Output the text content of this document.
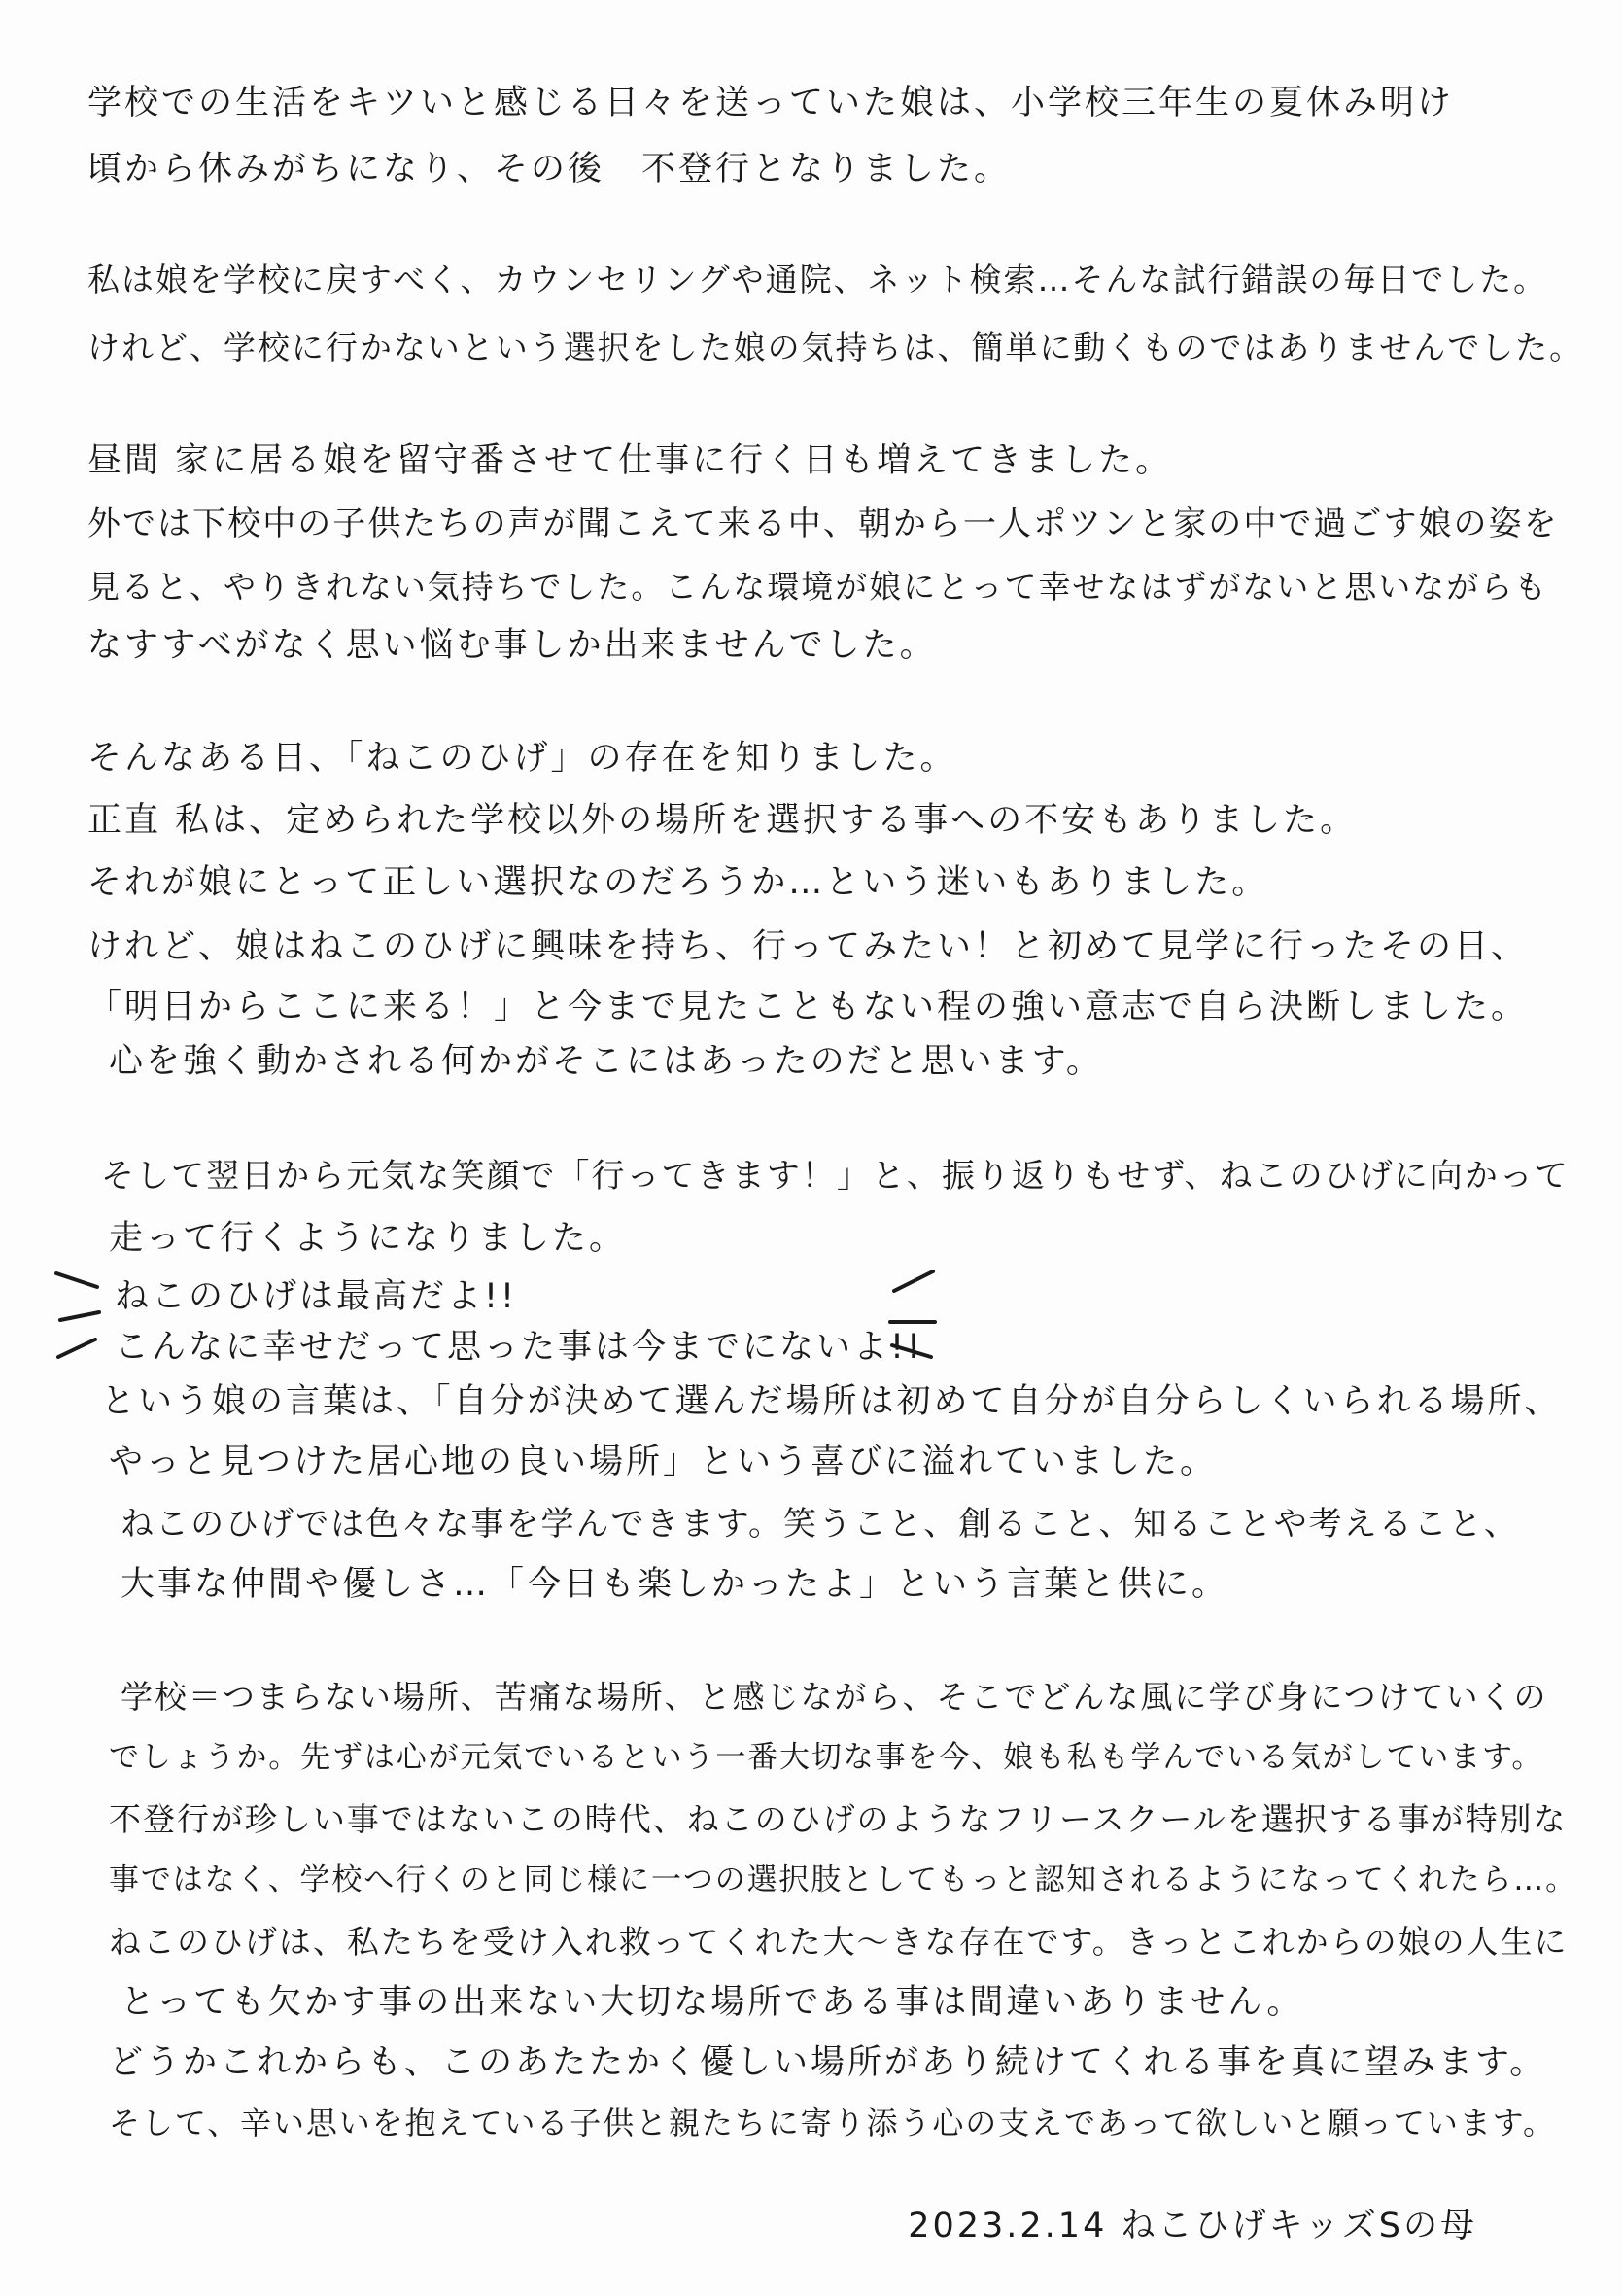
学校での生活をキツいと感じる日々を送っていた娘は、小学校三年生の夏休み明け
頃から休みがちになり、その後　不登行となりました。
私は娘を学校に戻すべく、カウンセリングや通院、ネット検索…そんな試行錯誤の毎日でした。
けれど、学校に行かないという選択をした娘の気持ちは、簡単に動くものではありませんでした。
昼間 家に居る娘を留守番させて仕事に行く日も増えてきました。
外では下校中の子供たちの声が聞こえて来る中、朝から一人ポツンと家の中で過ごす娘の姿を
見ると、やりきれない気持ちでした。こんな環境が娘にとって幸せなはずがないと思いながらも
なすすべがなく思い悩む事しか出来ませんでした。
そんなある日、「ねこのひげ」の存在を知りました。
正直 私は、定められた学校以外の場所を選択する事への不安もありました。
それが娘にとって正しい選択なのだろうか…という迷いもありました。
けれど、娘はねこのひげに興味を持ち、行ってみたい！と初めて見学に行ったその日、
「明日からここに来る！」と今まで見たこともない程の強い意志で自ら決断しました。
心を強く動かされる何かがそこにはあったのだと思います。
そして翌日から元気な笑顔で「行ってきます！」と、振り返りもせず、ねこのひげに向かって
走って行くようになりました。
ねこのひげは最高だよ!!
こんなに幸せだって思った事は今までにないよ!!
という娘の言葉は、「自分が決めて選んだ場所は初めて自分が自分らしくいられる場所、
やっと見つけた居心地の良い場所」という喜びに溢れていました。
ねこのひげでは色々な事を学んできます。笑うこと、創ること、知ることや考えること、
大事な仲間や優しさ…「今日も楽しかったよ」という言葉と供に。
学校＝つまらない場所、苦痛な場所、と感じながら、そこでどんな風に学び身につけていくの
でしょうか。先ずは心が元気でいるという一番大切な事を今、娘も私も学んでいる気がしています。
不登行が珍しい事ではないこの時代、ねこのひげのようなフリースクールを選択する事が特別な
事ではなく、学校へ行くのと同じ様に一つの選択肢としてもっと認知されるようになってくれたら…。
ねこのひげは、私たちを受け入れ救ってくれた大～きな存在です。きっとこれからの娘の人生に
とっても欠かす事の出来ない大切な場所である事は間違いありません。
どうかこれからも、このあたたかく優しい場所があり続けてくれる事を真に望みます。
そして、辛い思いを抱えている子供と親たちに寄り添う心の支えであって欲しいと願っています。
2023.2.14 ねこひげキッズSの母
